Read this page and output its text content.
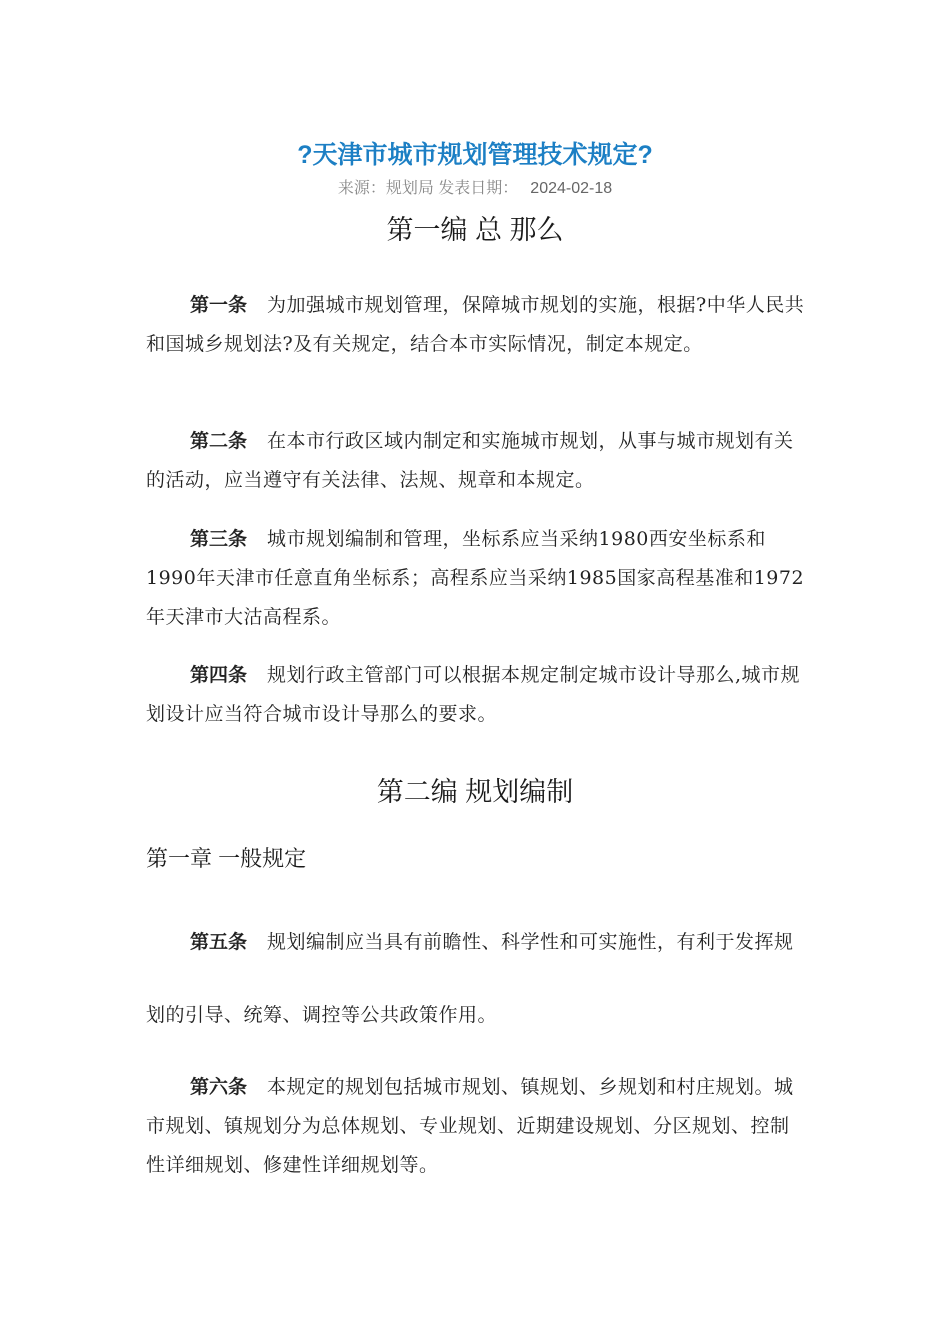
?天津市城市规划管理技术规定?
来源：规划局 发表日期： 2024-02-18
第一编 总 那么

第一条 为加强城市规划管理，保障城市规划的实施，根据?中华人民共和国城乡规划法?及有关规定，结合本市实际情况，制定本规定。

第二条 在本市行政区域内制定和实施城市规划，从事与城市规划有关的活动，应当遵守有关法律、法规、规章和本规定。

第三条 城市规划编制和管理，坐标系应当采纳1980西安坐标系和1990年天津市任意直角坐标系；高程系应当采纳1985国家高程基准和1972年天津市大沽高程系。

第四条 规划行政主管部门可以根据本规定制定城市设计导那么,城市规划设计应当符合城市设计导那么的要求。

第二编 规划编制
第一章 一般规定

第五条 规划编制应当具有前瞻性、科学性和可实施性，有利于发挥规划的引导、统筹、调控等公共政策作用。

第六条 本规定的规划包括城市规划、镇规划、乡规划和村庄规划。城市规划、镇规划分为总体规划、专业规划、近期建设规划、分区规划、控制性详细规划、修建性详细规划等。
